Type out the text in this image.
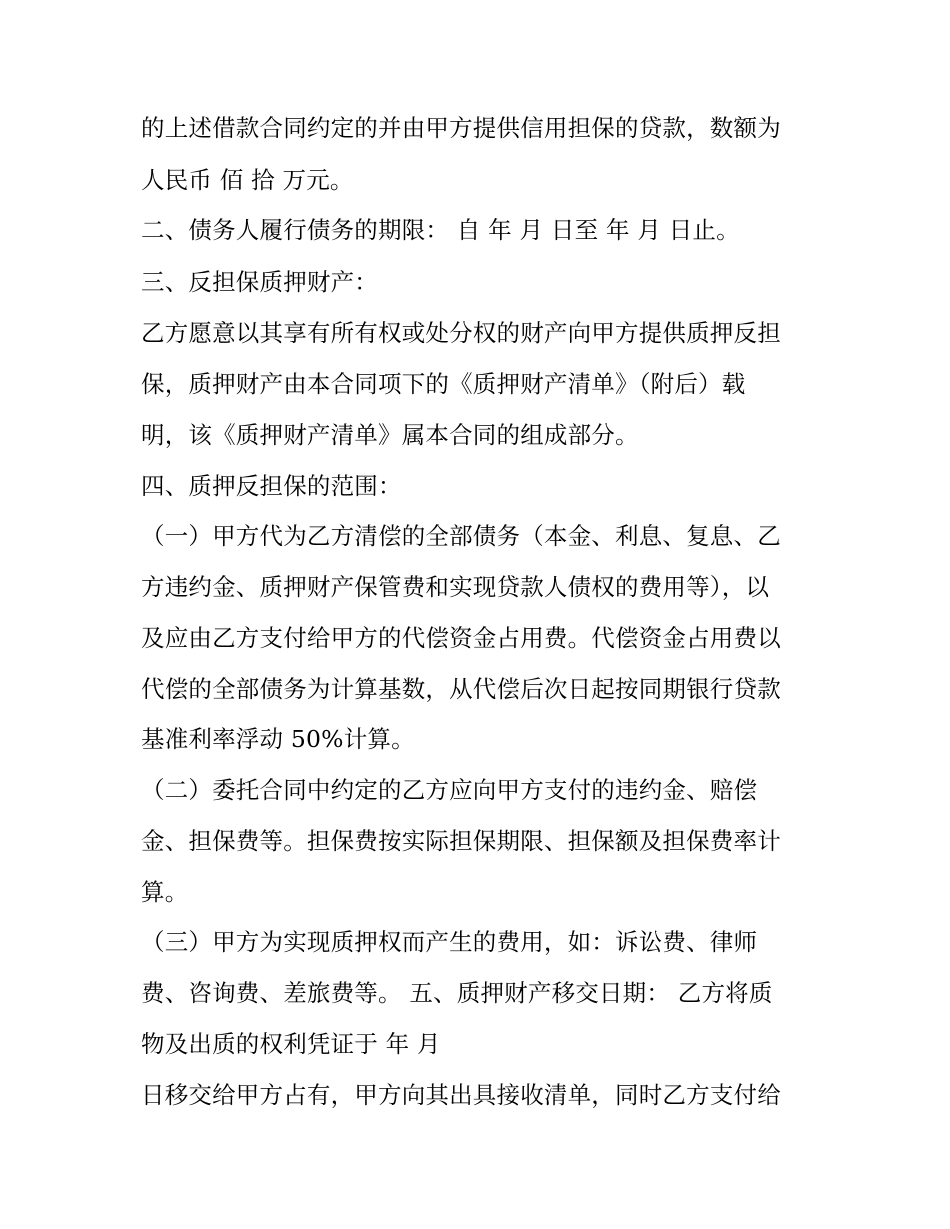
的上述借款合同约定的并由甲方提供信用担保的贷款，数额为
人民币 佰 拾 万元。
二、债务人履行债务的期限： 自 年 月 日至 年 月 日止。
三、反担保质押财产：
乙方愿意以其享有所有权或处分权的财产向甲方提供质押反担
保，质押财产由本合同项下的《质押财产清单》（附后）载
明，该《质押财产清单》属本合同的组成部分。
四、质押反担保的范围：
（一）甲方代为乙方清偿的全部债务（本金、利息、复息、乙
方违约金、质押财产保管费和实现贷款人债权的费用等），以
及应由乙方支付给甲方的代偿资金占用费。代偿资金占用费以
代偿的全部债务为计算基数，从代偿后次日起按同期银行贷款
基准利率浮动 50%计算。
（二）委托合同中约定的乙方应向甲方支付的违约金、赔偿
金、担保费等。担保费按实际担保期限、担保额及担保费率计
算。
（三）甲方为实现质押权而产生的费用，如：诉讼费、律师
费、咨询费、差旅费等。 五、质押财产移交日期： 乙方将质
物及出质的权利凭证于 年 月
日移交给甲方占有，甲方向其出具接收清单，同时乙方支付给
